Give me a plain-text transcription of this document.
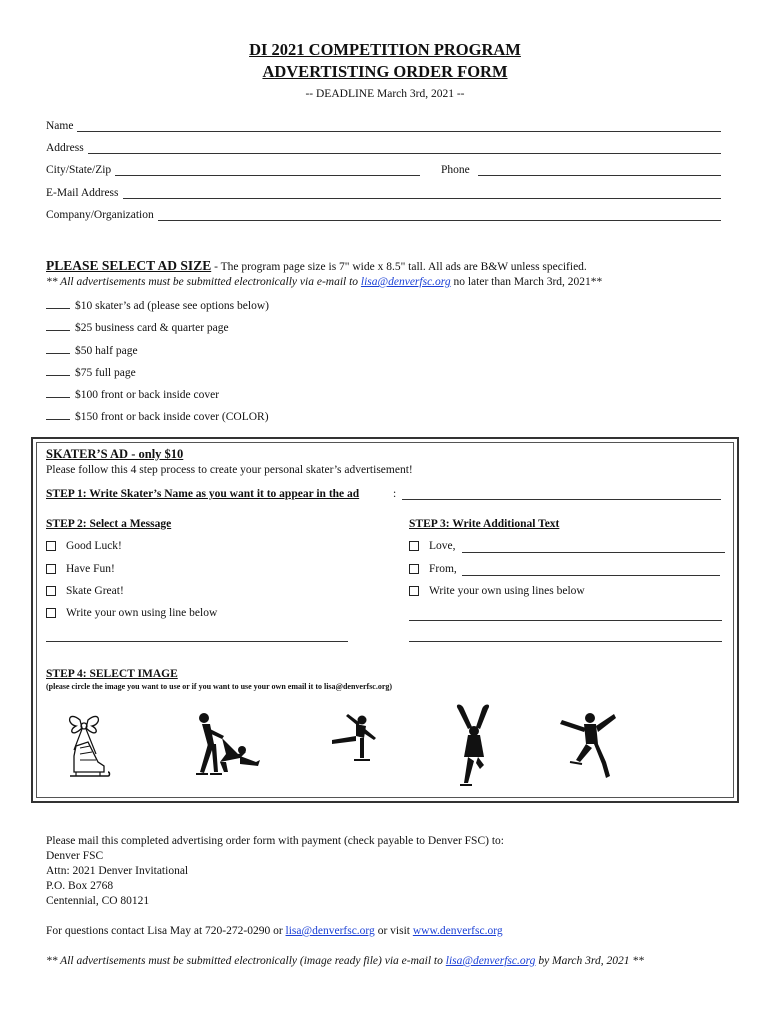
DI 2021 COMPETITION PROGRAM
ADVERTISTING ORDER FORM
-- DEADLINE March 3rd, 2021 --
Name
Address
City/State/Zip	Phone
E-Mail Address
Company/Organization
PLEASE SELECT AD SIZE - The program page size is 7" wide x 8.5" tall. All ads are B&W unless specified.
** All advertisements must be submitted electronically via e-mail to lisa@denverfsc.org no later than March 3rd, 2021**
$10 skater’s ad (please see options below)
$25 business card & quarter page
$50 half page
$75 full page
$100 front or back inside cover
$150 front or back inside cover (COLOR)
SKATER’S AD - only $10
Please follow this 4 step process to create your personal skater’s advertisement!
STEP 1: Write Skater’s Name as you want it to appear in the ad	:
STEP 2: Select a Message	STEP 3: Write Additional Text
Good Luck!
Have Fun!
Skate Great!
Write your own using line below
Love,
From,
Write your own using lines below
STEP 4: SELECT IMAGE
(please circle the image you want to use or if you want to use your own email it to lisa@denverfsc.org)
Please mail this completed advertising order form with payment (check payable to Denver FSC) to:
Denver FSC
Attn: 2021 Denver Invitational
P.O. Box 2768
Centennial, CO 80121
For questions contact Lisa May at 720-272-0290 or lisa@denverfsc.org or visit www.denverfsc.org
** All advertisements must be submitted electronically (image ready file) via e-mail to lisa@denverfsc.org by March 3rd, 2021 **
